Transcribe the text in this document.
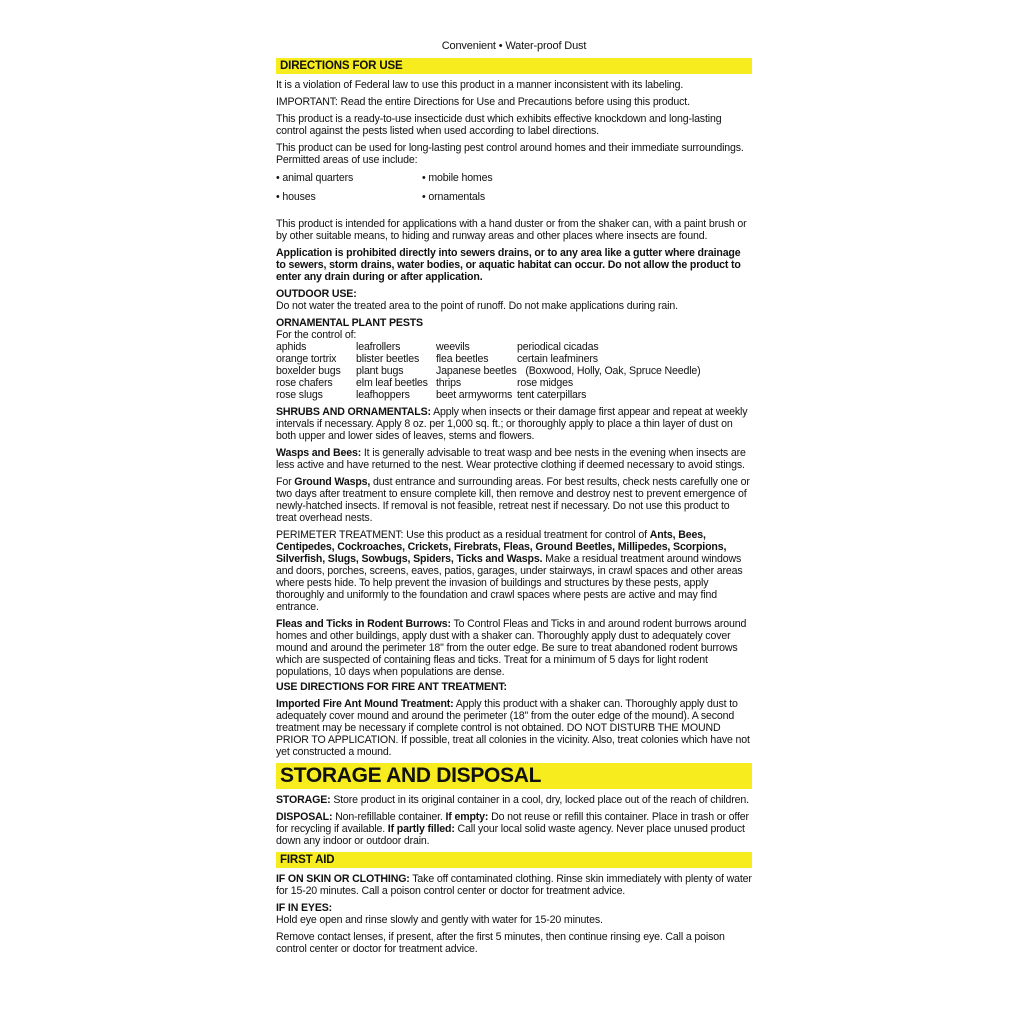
Convenient • Water-proof Dust
DIRECTIONS FOR USE

It is a violation of Federal law to use this product in a manner inconsistent with its labeling.

IMPORTANT: Read the entire Directions for Use and Precautions before using this product.

This product is a ready-to-use insecticide dust which exhibits effective knockdown and long-lasting control against the pests listed when used according to label directions.

This product can be used for long-lasting pest control around homes and their immediate surroundings. Permitted areas of use include:

• animal quarters
• houses
• mobile homes
• ornamentals

This product is intended for applications with a hand duster or from the shaker can, with a paint brush or by other suitable means, to hiding and runway areas and other places where insects are found.

Application is prohibited directly into sewers drains, or to any area like a gutter where drainage to sewers, storm drains, water bodies, or aquatic habitat can occur. Do not allow the product to enter any drain during or after application.

OUTDOOR USE:

Do not water the treated area to the point of runoff. Do not make applications during rain.

ORNAMENTAL PLANT PESTS
For the control of:
aphids	leafrollers	weevils	periodical cicadas
orange tortrix	blister beetles	flea beetles	certain leafminers
boxelder bugs	plant bugs	Japanese beetles	(Boxwood, Holly, Oak, Spruce Needle)
rose chafers	elm leaf beetles	thrips	rose midges
rose slugs	leafhoppers	beet armyworms	tent caterpillars

SHRUBS AND ORNAMENTALS: Apply when insects or their damage first appear and repeat at weekly intervals if necessary. Apply 8 oz. per 1,000 sq. ft.; or thoroughly apply to place a thin layer of dust on both upper and lower sides of leaves, stems and flowers.

Wasps and Bees: It is generally advisable to treat wasp and bee nests in the evening when insects are less active and have returned to the nest. Wear protective clothing if deemed necessary to avoid stings.

For Ground Wasps, dust entrance and surrounding areas. For best results, check nests carefully one or two days after treatment to ensure complete kill, then remove and destroy nest to prevent emergence of newly-hatched insects. If removal is not feasible, retreat nest if necessary. Do not use this product to treat overhead nests.

PERIMETER TREATMENT: Use this product as a residual treatment for control of Ants, Bees, Centipedes, Cockroaches, Crickets, Firebrats, Fleas, Ground Beetles, Millipedes, Scorpions, Silverfish, Slugs, Sowbugs, Spiders, Ticks and Wasps. Make a residual treatment around windows and doors, porches, screens, eaves, patios, garages, under stairways, in crawl spaces and other areas where pests hide. To help prevent the invasion of buildings and structures by these pests, apply thoroughly and uniformly to the foundation and crawl spaces where pests are active and may find entrance.

Fleas and Ticks in Rodent Burrows: To Control Fleas and Ticks in and around rodent burrows around homes and other buildings, apply dust with a shaker can. Thoroughly apply dust to adequately cover mound and around the perimeter 18" from the outer edge. Be sure to treat abandoned rodent burrows which are suspected of containing fleas and ticks. Treat for a minimum of 5 days for light rodent populations, 10 days when populations are dense.

USE DIRECTIONS FOR FIRE ANT TREATMENT:

Imported Fire Ant Mound Treatment: Apply this product with a shaker can. Thoroughly apply dust to adequately cover mound and around the perimeter (18" from the outer edge of the mound). A second treatment may be necessary if complete control is not obtained. DO NOT DISTURB THE MOUND PRIOR TO APPLICATION. If possible, treat all colonies in the vicinity. Also, treat colonies which have not yet constructed a mound.

STORAGE AND DISPOSAL

STORAGE: Store product in its original container in a cool, dry, locked place out of the reach of children.

DISPOSAL: Non-refillable container. If empty: Do not reuse or refill this container. Place in trash or offer for recycling if available. If partly filled: Call your local solid waste agency. Never place unused product down any indoor or outdoor drain.

FIRST AID

IF ON SKIN OR CLOTHING: Take off contaminated clothing. Rinse skin immediately with plenty of water for 15-20 minutes. Call a poison control center or doctor for treatment advice.

IF IN EYES:

Hold eye open and rinse slowly and gently with water for 15-20 minutes.

Remove contact lenses, if present, after the first 5 minutes, then continue rinsing eye. Call a poison control center or doctor for treatment advice.
